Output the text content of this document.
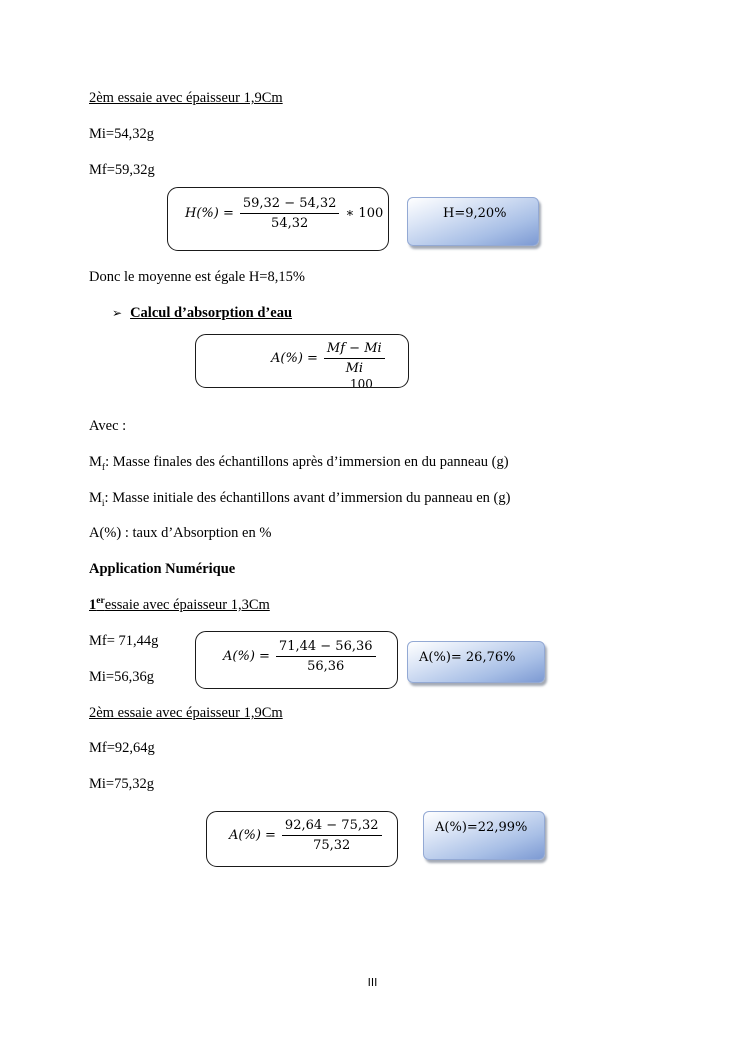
2èm essaie avec épaisseur 1,9Cm
Mi=54,32g
Mf=59,32g
$H(\%) = \frac{59,32 - 54,32}{54,32}$ ∗ 100	H=9,20%
Donc le moyenne est égale H=8,15%
➢ Calcul d’absorption d’eau
$A(\%) = \frac{Mf - Mi}{Mi}$
100
Avec :
$M_f$: Masse finales des échantillons après d’immersion en du panneau (g)
$M_i$: Masse initiale des échantillons avant d’immersion du panneau en (g)
A(%) : taux d’Absorption en %
Application Numérique
1eressaie avec épaisseur 1,3Cm
Mf= 71,44g
Mi=56,36g
$A(\%) = \frac{71,44 - 56,36}{56,36}$	A(%)= 26,76%
2èm essaie avec épaisseur 1,9Cm
Mf=92,64g
Mi=75,32g
$A(\%) = \frac{92,64 - 75,32}{75,32}$	A(%)=22,99%
III
